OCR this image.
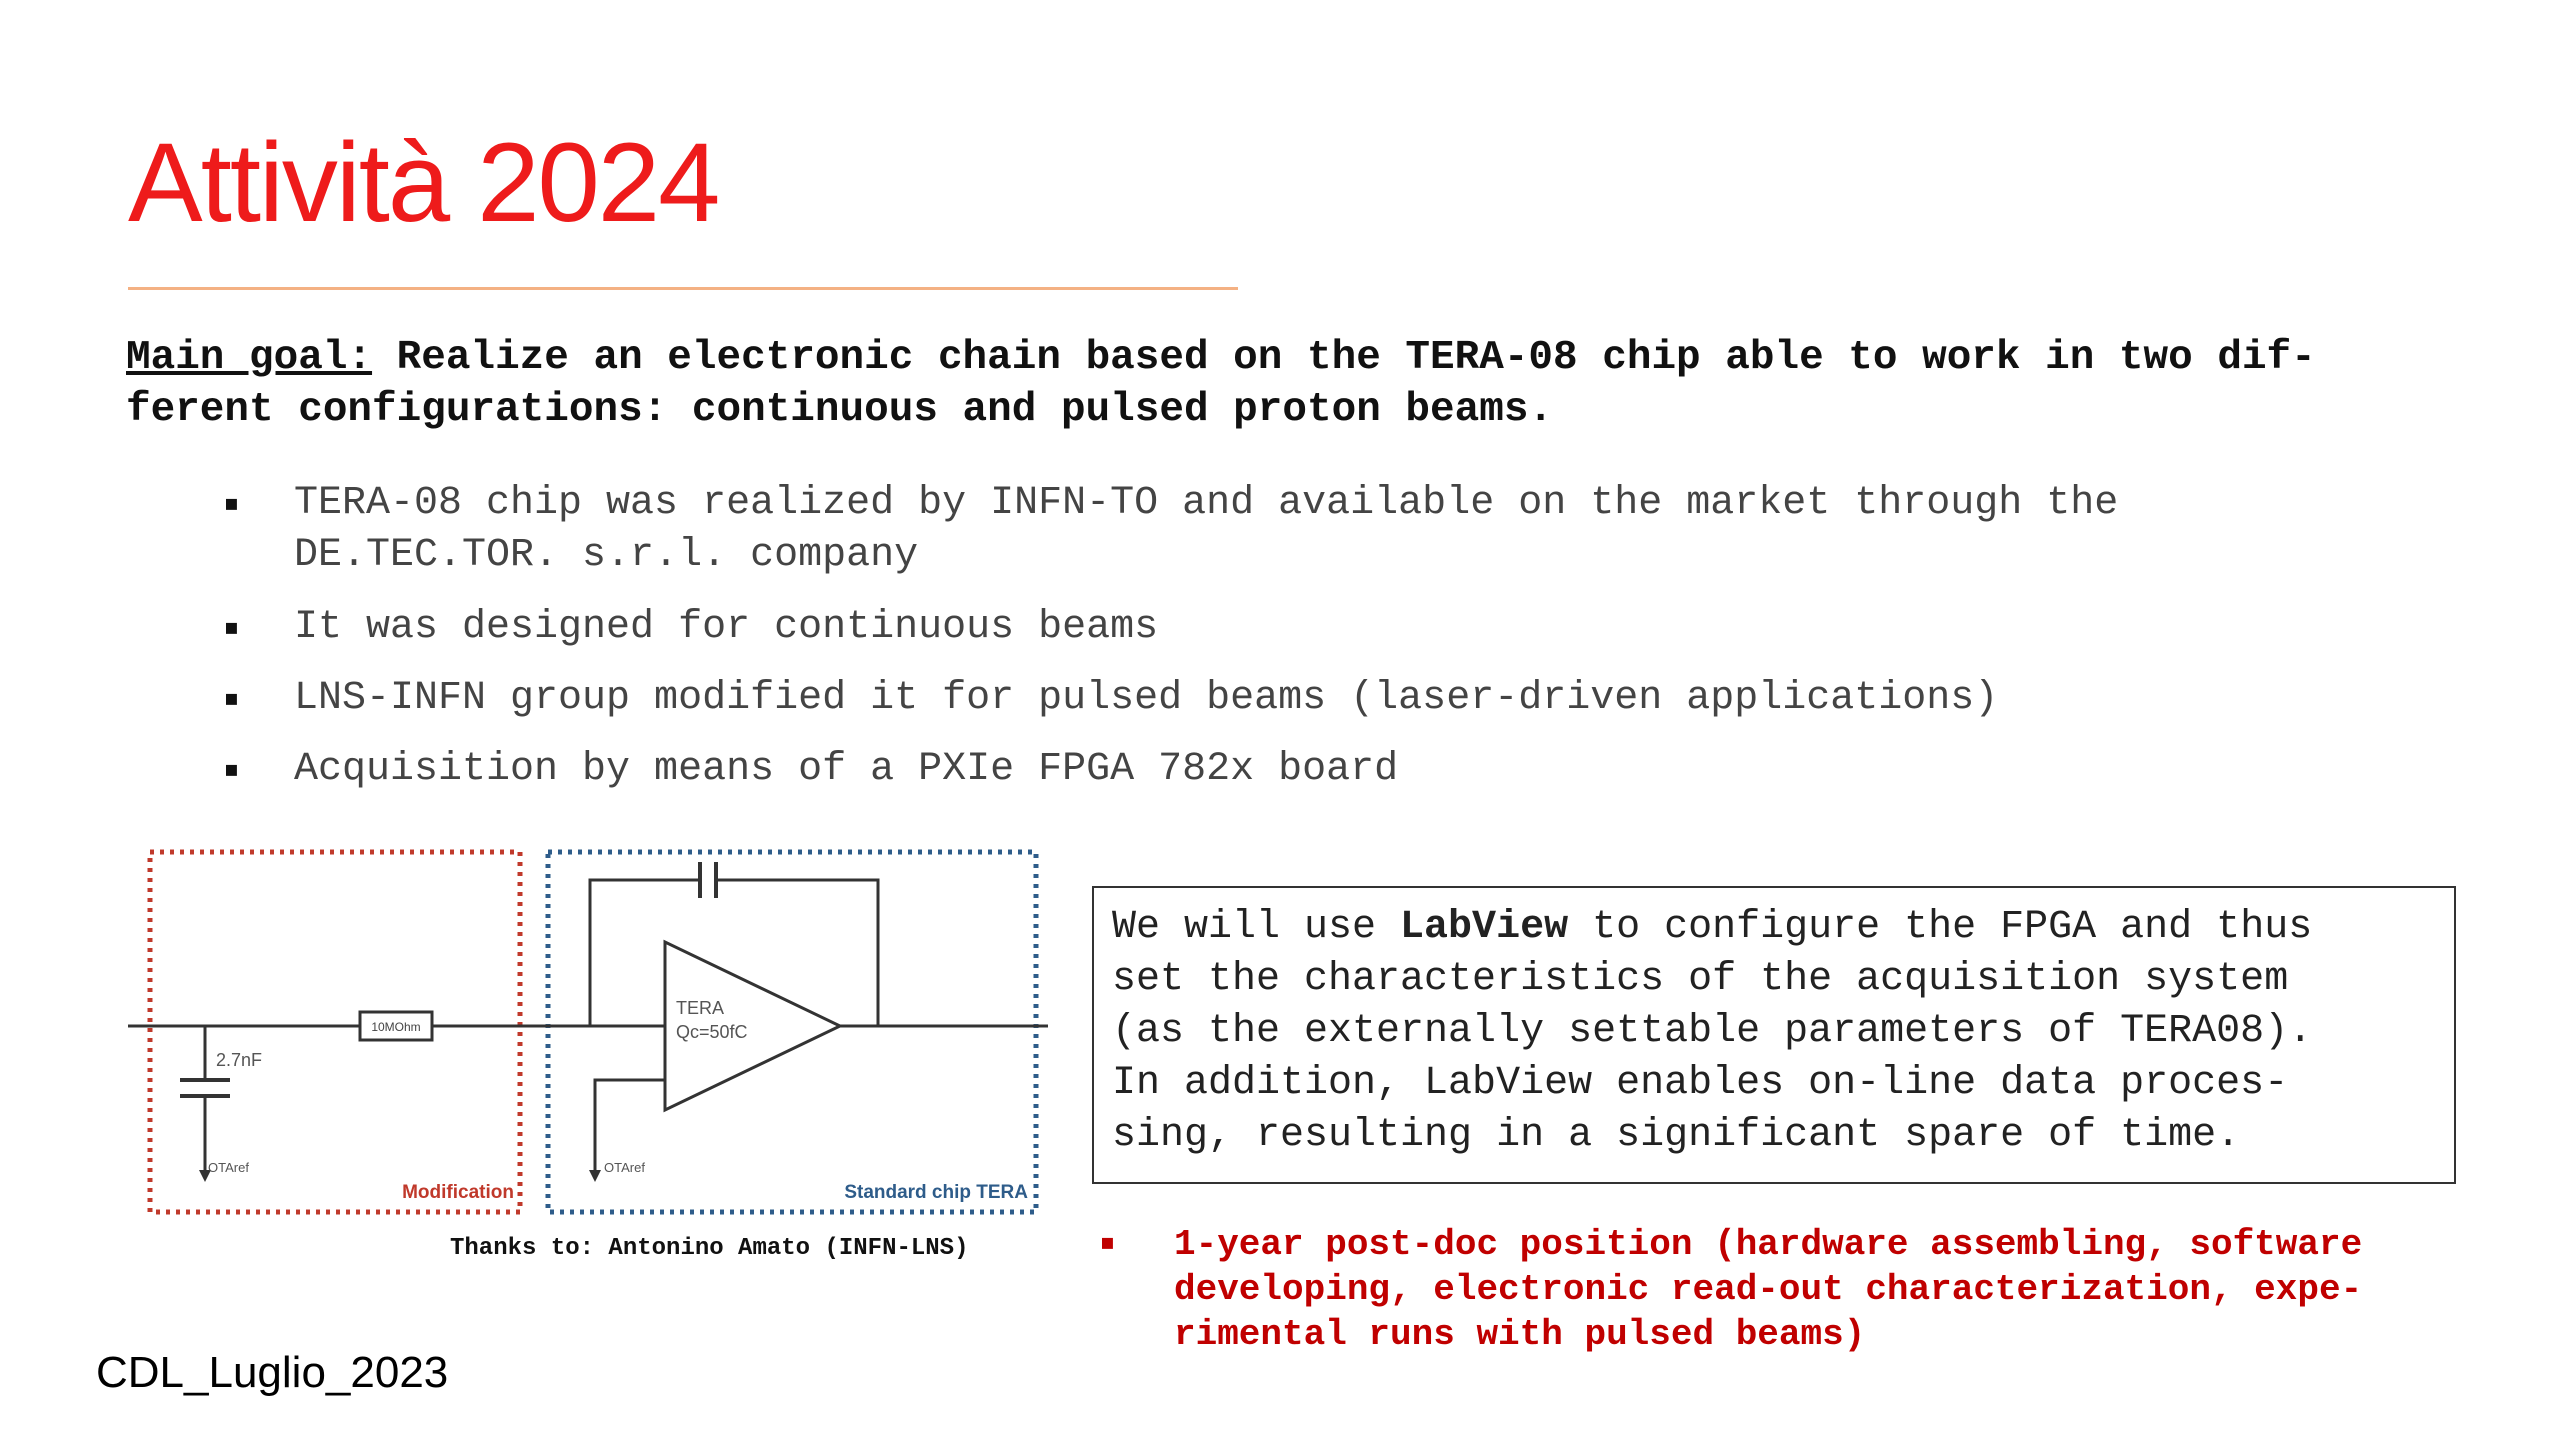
Attività 2024
Main goal: Realize an electronic chain based on the TERA-08 chip able to work in two dif-
ferent configurations: continuous and pulsed proton beams.
▪ TERA-08 chip was realized by INFN-TO and available on the market through the
DE.TEC.TOR. s.r.l. company
▪ It was designed for continuous beams
▪ LNS-INFN group modified it for pulsed beams (laser-driven applications)
▪ Acquisition by means of a PXIe FPGA 782x board
10MOhm
2.7nF
OTAref
TERA
Qc=50fC
OTAref
Modification	Standard chip TERA
Thanks to: Antonino Amato (INFN-LNS)
We will use LabView to configure the FPGA and thus
set the characteristics of the acquisition system
(as the externally settable parameters of TERA08).
In addition, LabView enables on-line data proces-
sing, resulting in a significant spare of time.
▪ 1-year post-doc position (hardware assembling, software
developing, electronic read-out characterization, expe-
rimental runs with pulsed beams)
CDL_Luglio_2023
